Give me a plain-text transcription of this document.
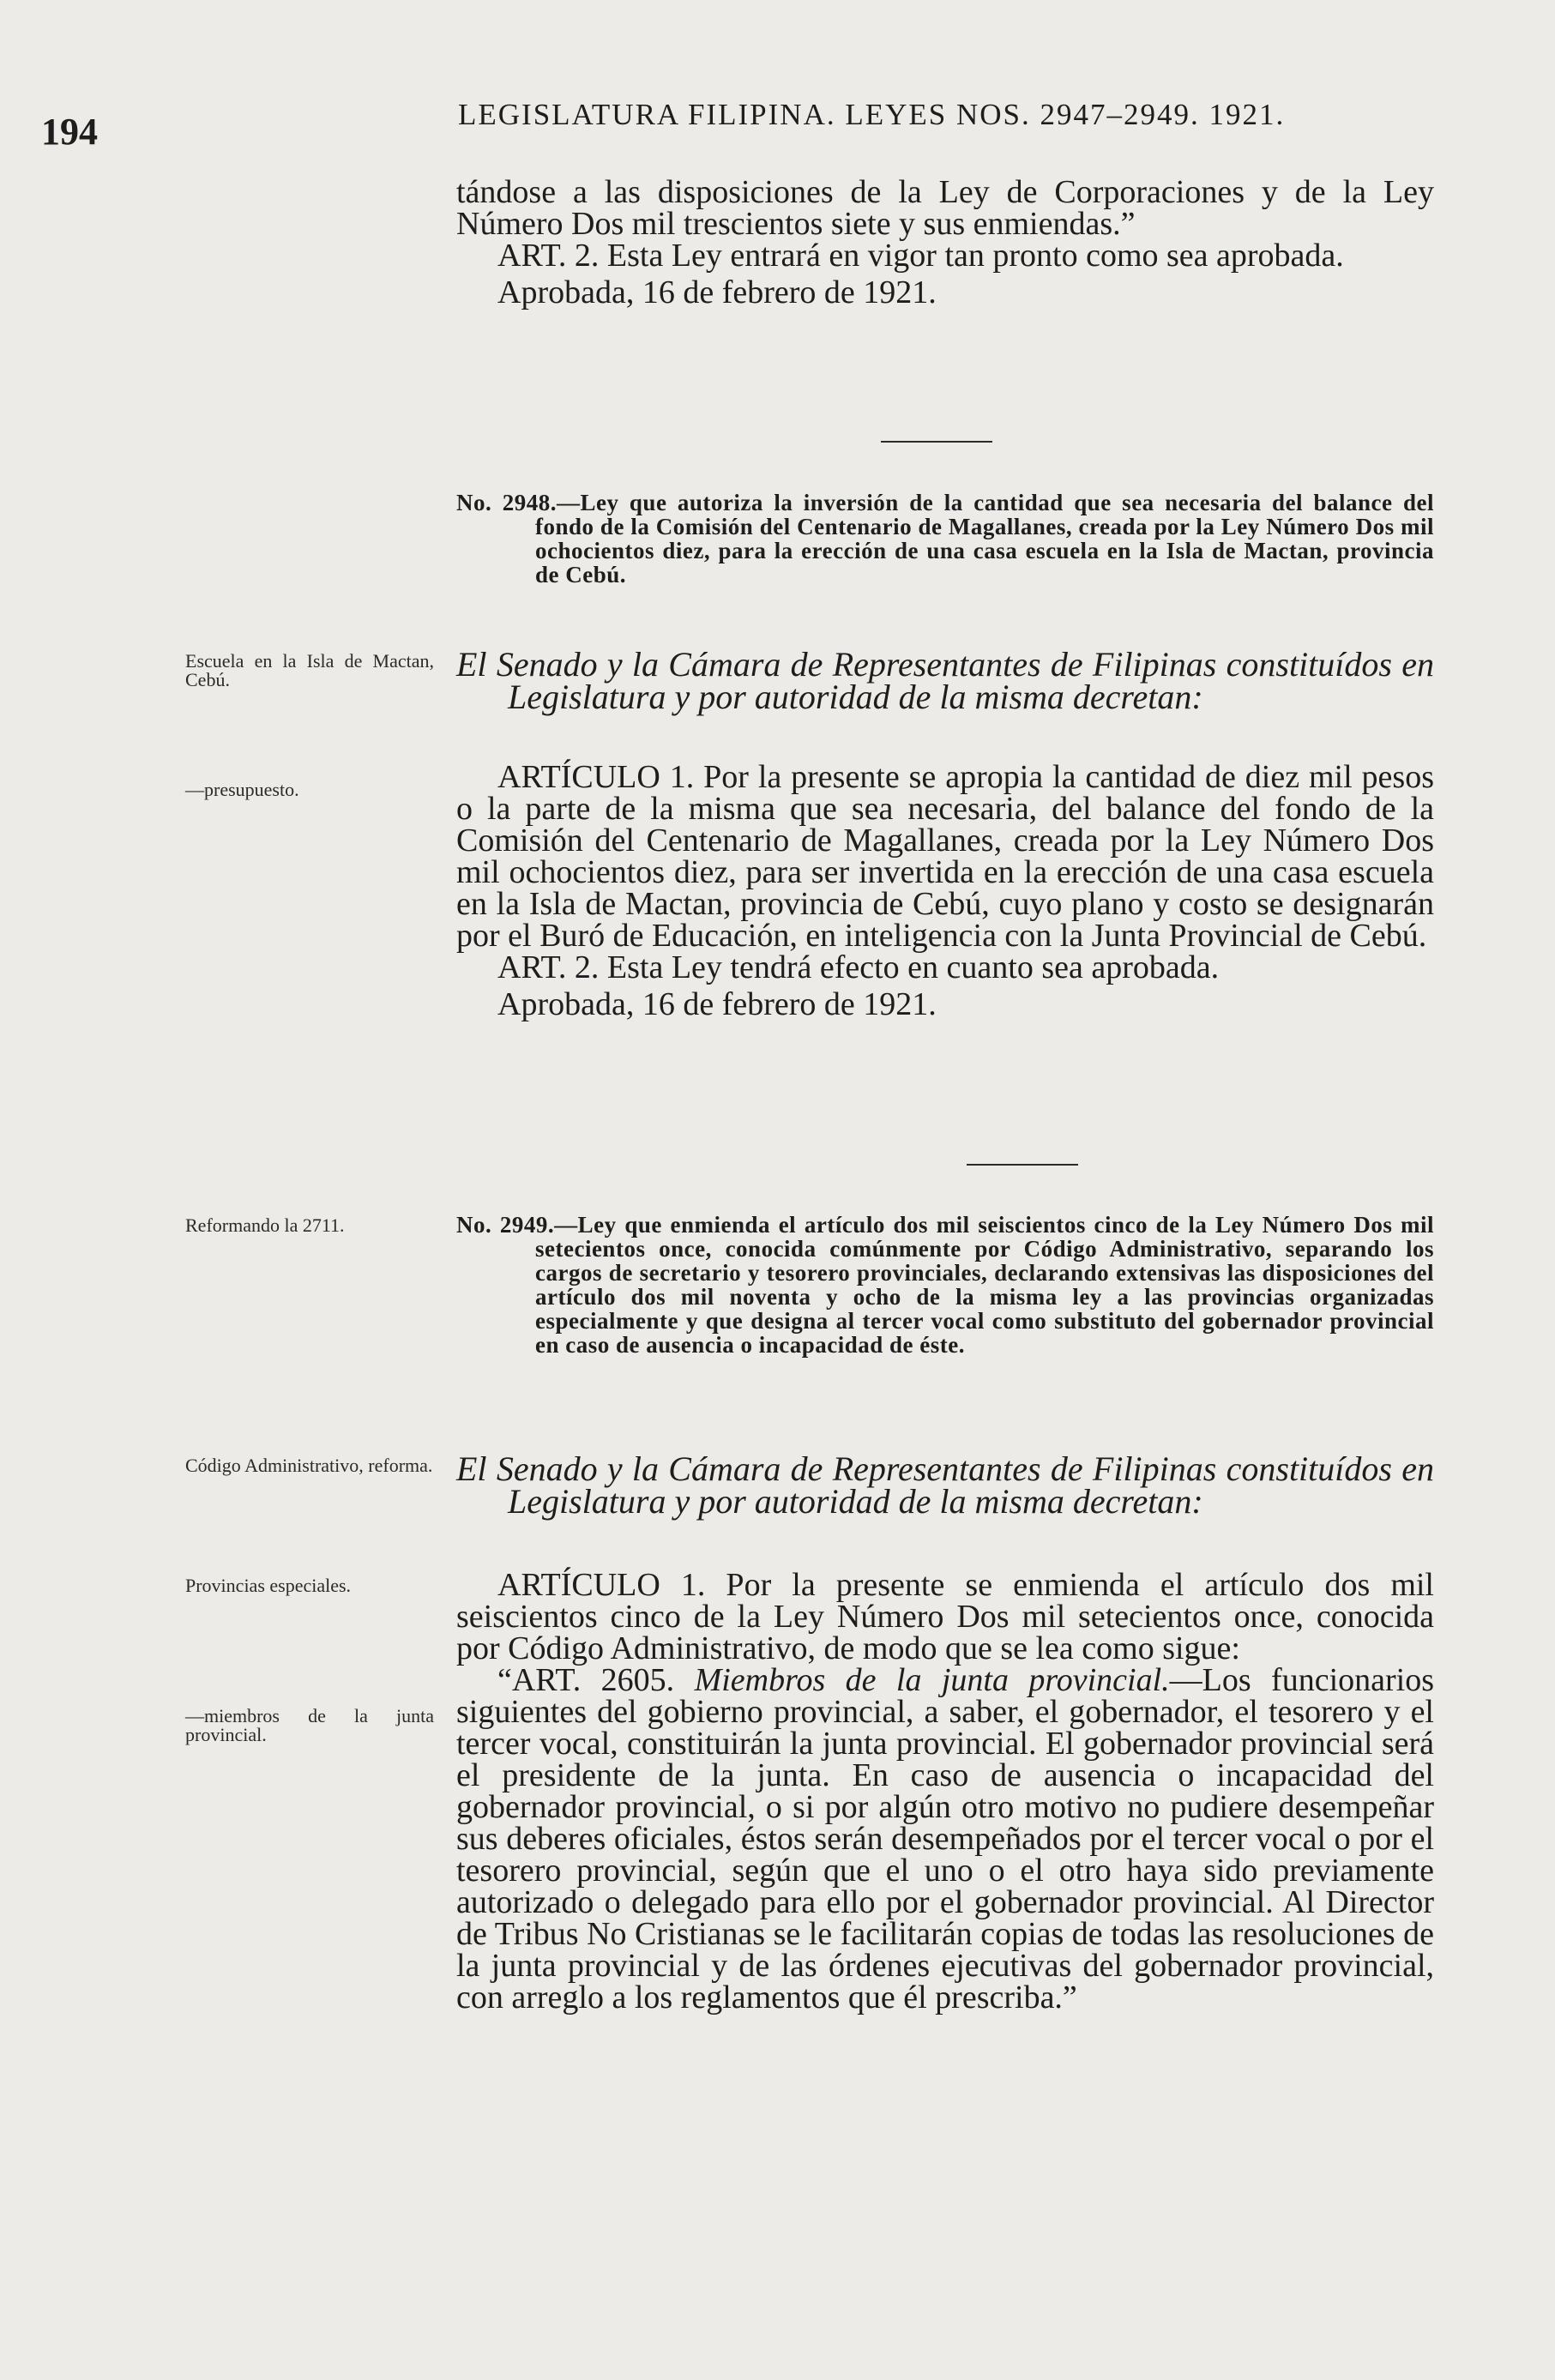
194	LEGISLATURA FILIPINA. LEYES NOS. 2947–2949. 1921.

tándose a las disposiciones de la Ley de Corporaciones y de la Ley Número Dos mil trescientos siete y sus enmiendas.”

ART. 2. Esta Ley entrará en vigor tan pronto como sea aprobada.

Aprobada, 16 de febrero de 1921.

No. 2948.—Ley que autoriza la inversión de la cantidad que sea necesaria del balance del fondo de la Comisión del Centenario de Magallanes, creada por la Ley Número Dos mil ochocientos diez, para la erección de una casa escuela en la Isla de Mactan, provincia de Cebú.
Escuela en la Isla de Mactan, Cebú.
—presupuesto.
El Senado y la Cámara de Representantes de Filipinas constituídos en Legislatura y por autoridad de la misma decretan:

ARTÍCULO 1. Por la presente se apropia la cantidad de diez mil pesos o la parte de la misma que sea necesaria, del balance del fondo de la Comisión del Centenario de Magallanes, creada por la Ley Número Dos mil ochocientos diez, para ser invertida en la erección de una casa escuela en la Isla de Mactan, provincia de Cebú, cuyo plano y costo se designarán por el Buró de Educación, en inteligencia con la Junta Provincial de Cebú.

ART. 2. Esta Ley tendrá efecto en cuanto sea aprobada.

Aprobada, 16 de febrero de 1921.

Reformando la 2711.	No. 2949.—Ley que enmienda el artículo dos mil seiscientos cinco de la Ley Número Dos mil setecientos once, conocida comúnmente por Código Administrativo, separando los cargos de secretario y tesorero provinciales, declarando extensivas las disposiciones del artículo dos mil noventa y ocho de la misma ley a las provincias organizadas especialmente y que designa al tercer vocal como substituto del gobernador provincial en caso de ausencia o incapacidad de éste.
Código Administrativo, reforma.
Provincias especiales.
—miembros de la junta provincial.
El Senado y la Cámara de Representantes de Filipinas constituídos en Legislatura y por autoridad de la misma decretan:

ARTÍCULO 1. Por la presente se enmienda el artículo dos mil seiscientos cinco de la Ley Número Dos mil setecientos once, conocida por Código Administrativo, de modo que se lea como sigue:

“ART. 2605. Miembros de la junta provincial.—Los funcionarios siguientes del gobierno provincial, a saber, el gobernador, el tesorero y el tercer vocal, constituirán la junta provincial. El gobernador provincial será el presidente de la junta. En caso de ausencia o incapacidad del gobernador provincial, o si por algún otro motivo no pudiere desempeñar sus deberes oficiales, éstos serán desempeñados por el tercer vocal o por el tesorero provincial, según que el uno o el otro haya sido previamente autorizado o delegado para ello por el gobernador provincial. Al Director de Tribus No Cristianas se le facilitarán copias de todas las resoluciones de la junta provincial y de las órdenes ejecutivas del gobernador provincial, con arreglo a los reglamentos que él prescriba.”
